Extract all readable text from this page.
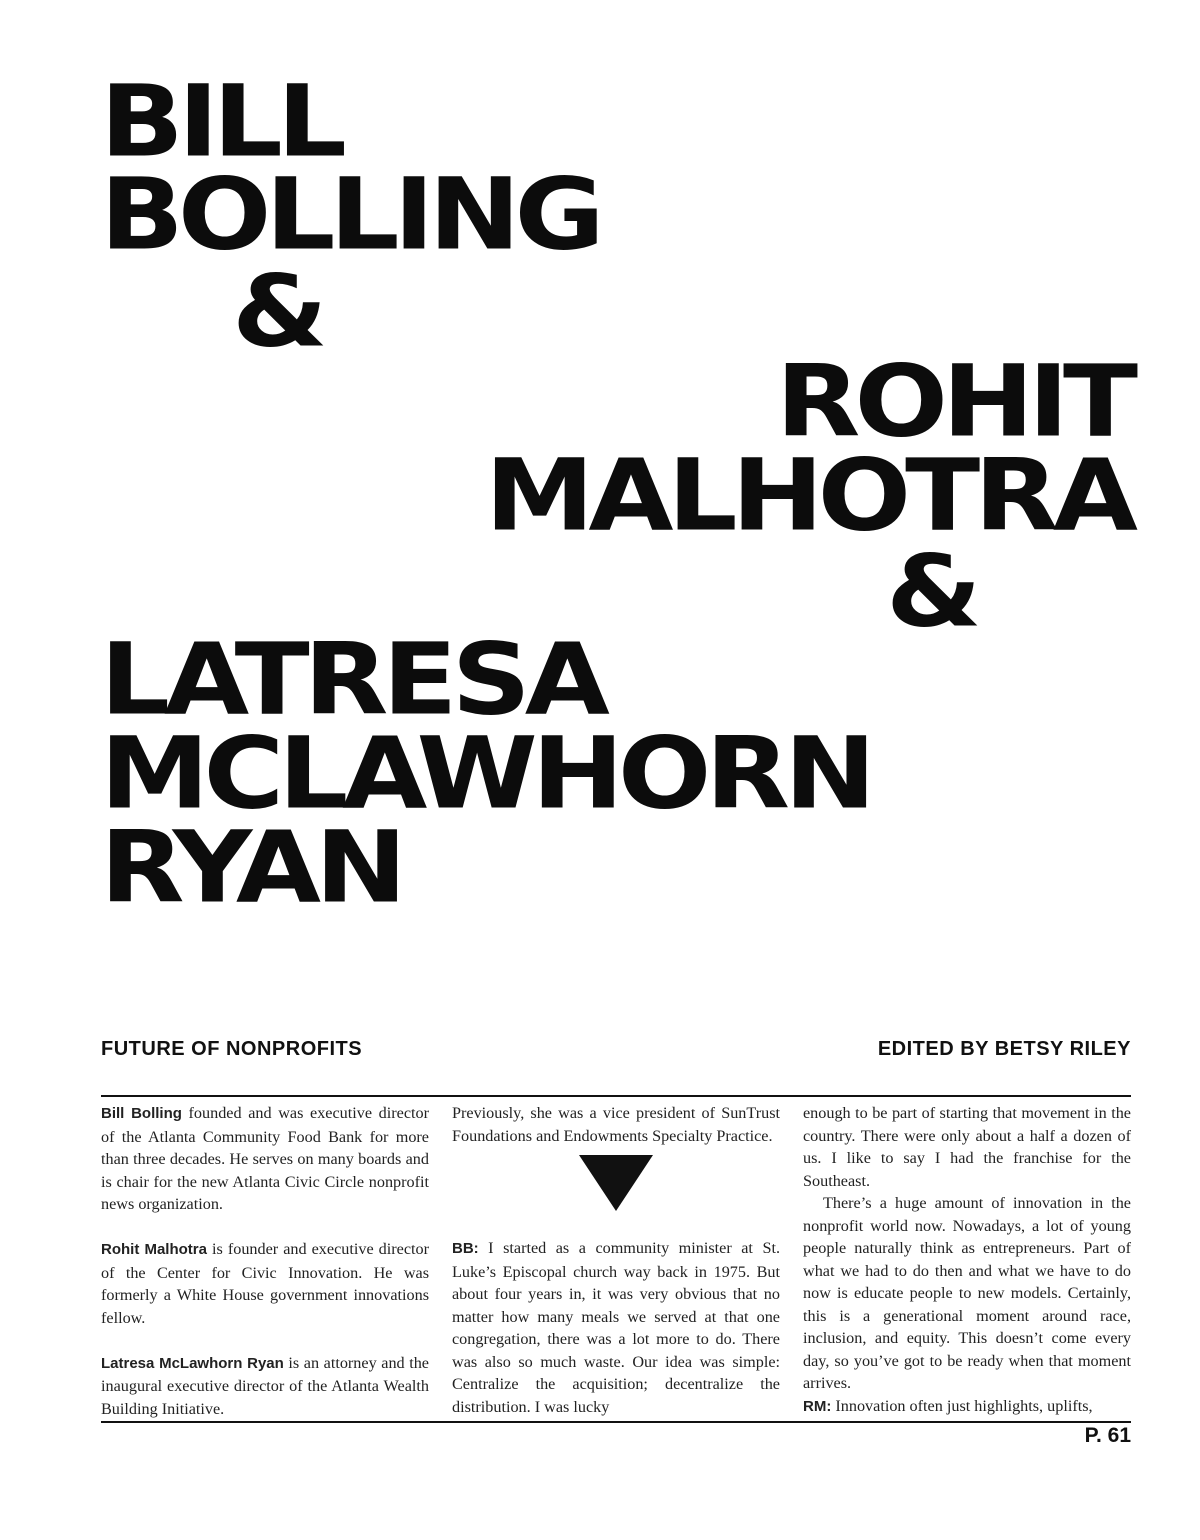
BILL
BOLLING
&
ROHIT
MALHOTRA
&
LATRESA
MCLAWHORN
RYAN
FUTURE OF NONPROFITS	EDITED BY BETSY RILEY

Bill Bolling founded and was executive director of the Atlanta Community Food Bank for more than three decades. He serves on many boards and is chair for the new Atlanta Civic Circle nonprofit news organization.

Rohit Malhotra is founder and executive director of the Center for Civic Innovation. He was formerly a White House government innovations fellow.

Latresa McLawhorn Ryan is an attorney and the inaugural executive director of the Atlanta Wealth Building Initiative.

Previously, she was a vice president of SunTrust Foundations and Endowments Specialty Practice.

BB: I started as a community minister at St. Luke’s Episcopal church way back in 1975. But about four years in, it was very obvious that no matter how many meals we served at that one congregation, there was a lot more to do. There was also so much waste. Our idea was simple: Centralize the acquisition; decentralize the distribution. I was lucky

enough to be part of starting that movement in the country. There were only about a half a dozen of us. I like to say I had the franchise for the Southeast.

There’s a huge amount of innovation in the nonprofit world now. Nowadays, a lot of young people naturally think as entrepreneurs. Part of what we had to do then and what we have to do now is educate people to new models. Certainly, this is a generational moment around race, inclusion, and equity. This doesn’t come every day, so you’ve got to be ready when that moment arrives.

RM: Innovation often just highlights, uplifts,

P. 61
